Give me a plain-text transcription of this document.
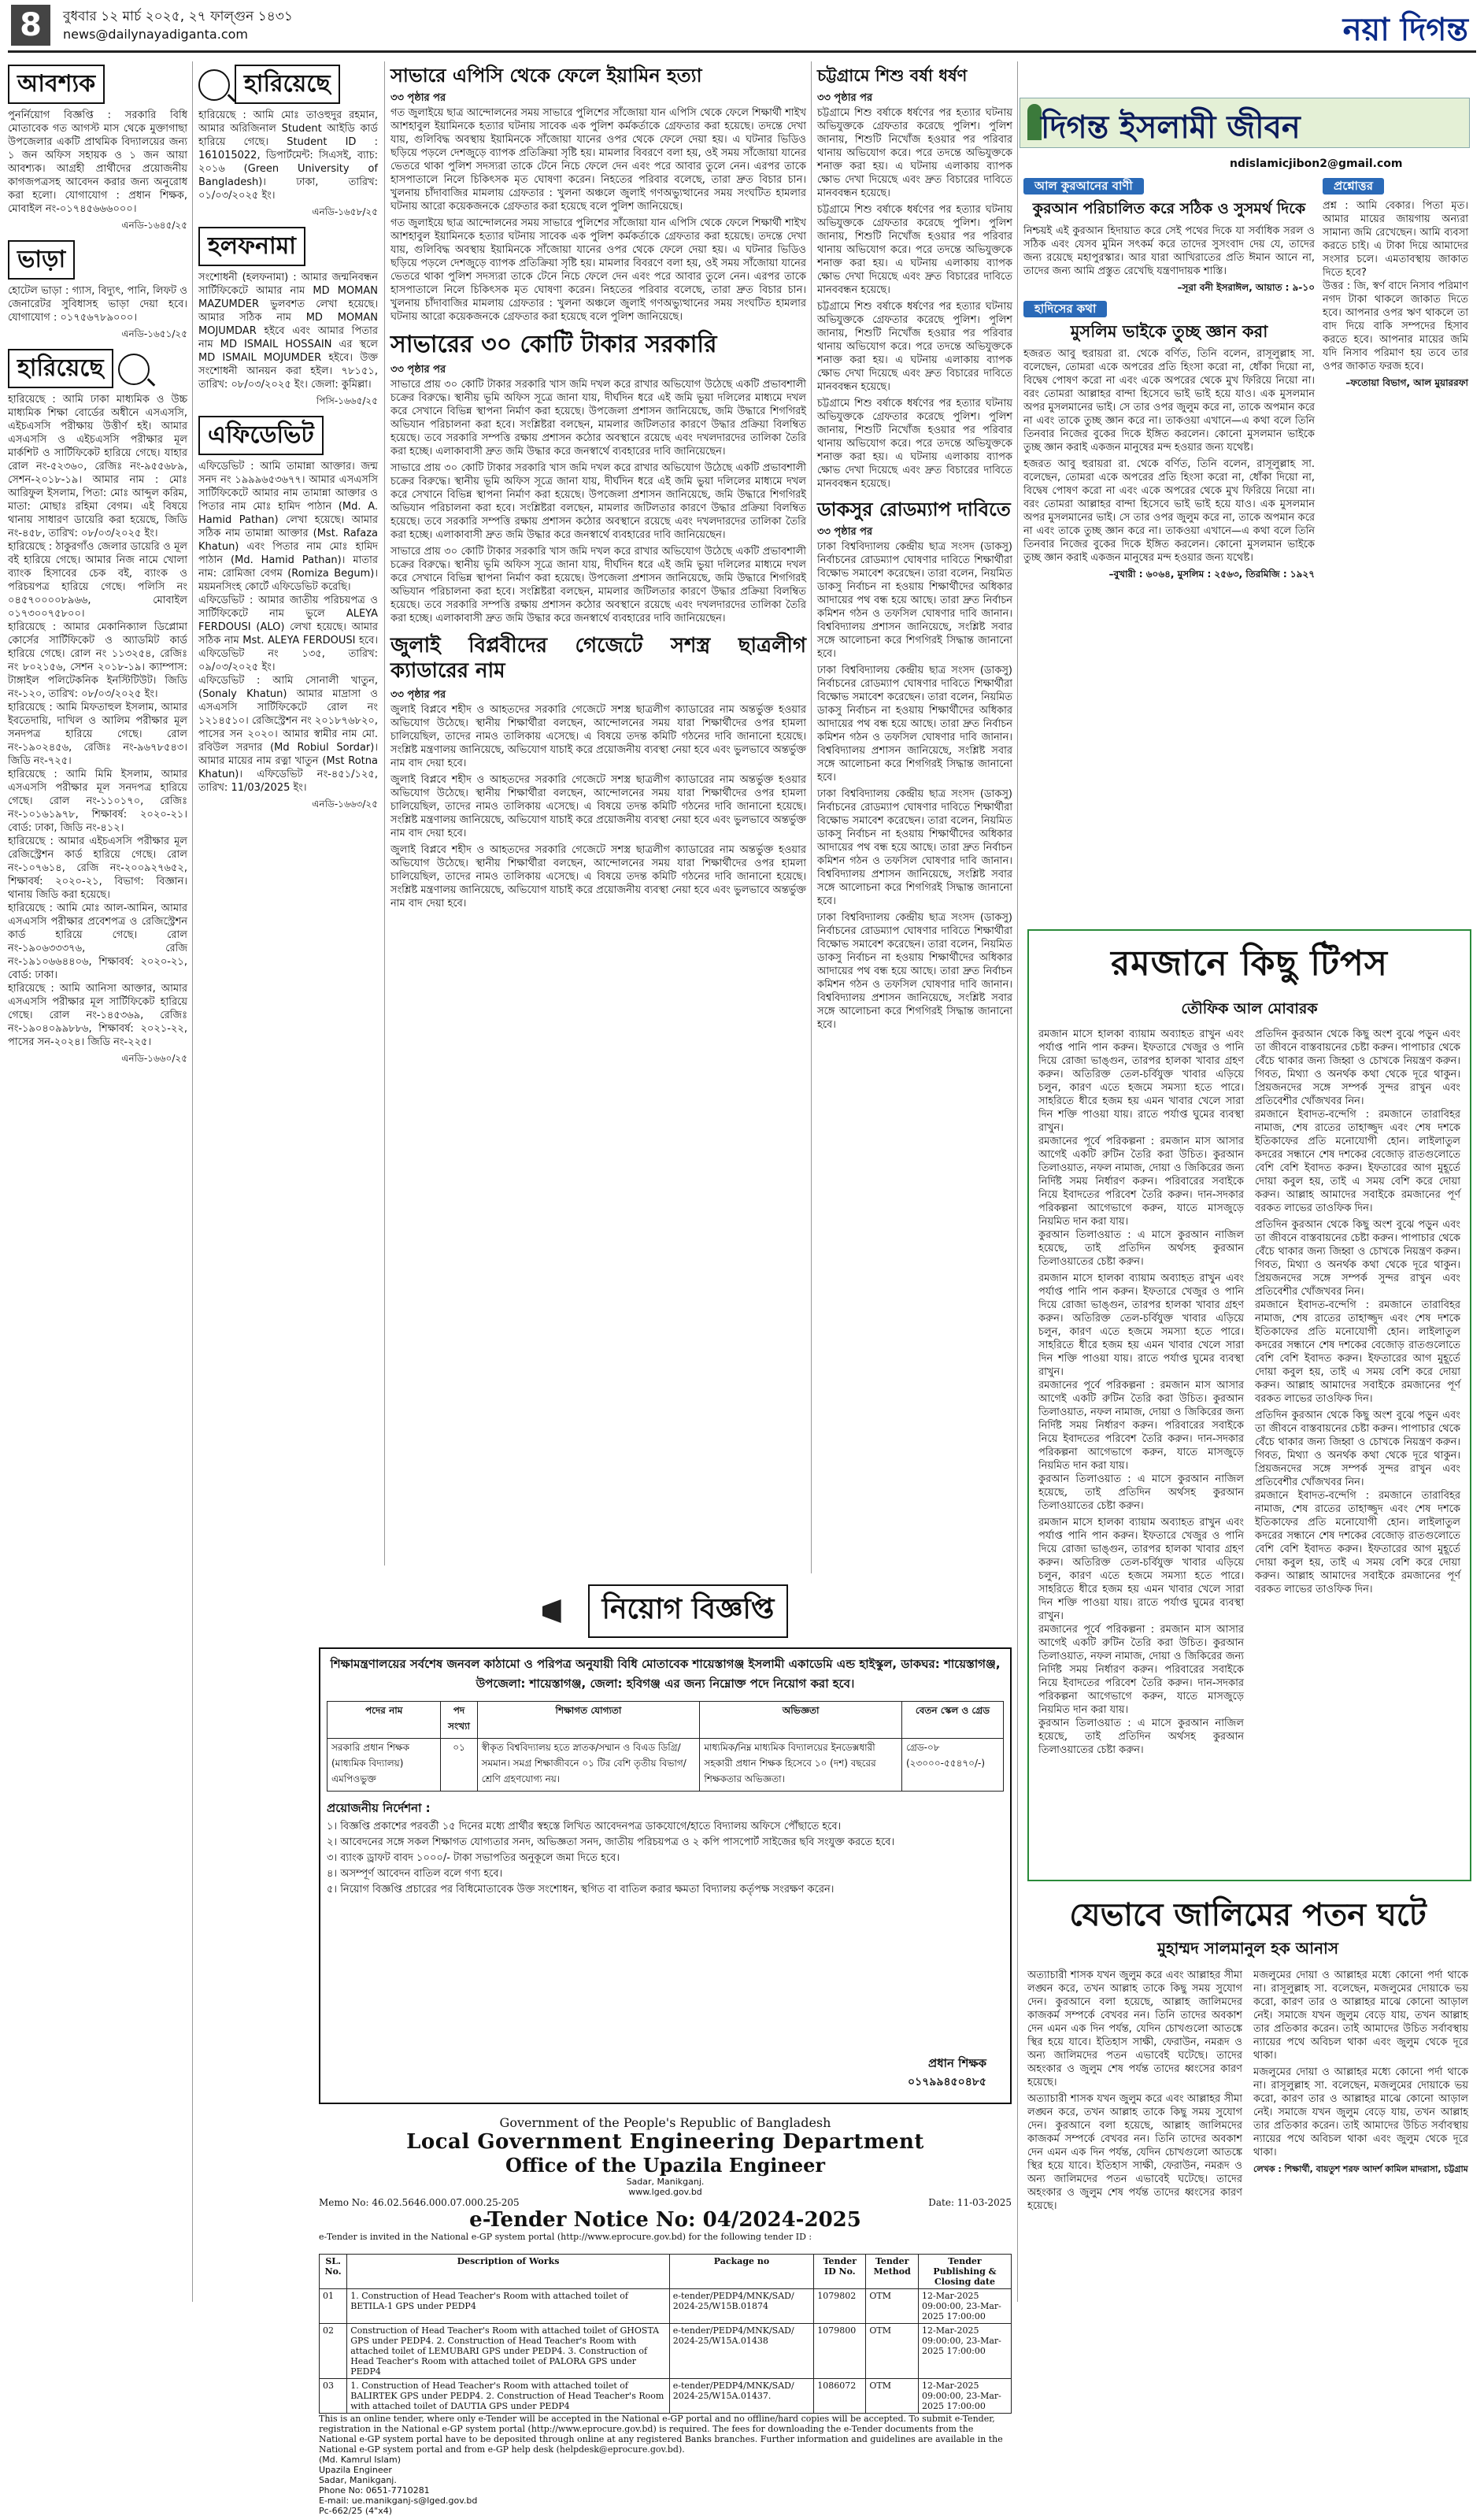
8	বুধবার ১২ মার্চ ২০২৫, ২৭ ফাল্গুন ১৪৩১
news@dailynayadiganta.com	নয়া দিগন্ত
আবশ্যক

পুনর্নিয়োগ বিজ্ঞপ্তি : সরকারি বিধি মোতাবেক গত আগস্ট মাস থেকে মুক্তাগাছা উপজেলার একটি প্রাথমিক বিদ্যালয়ের জন্য ১ জন অফিস সহায়ক ও ১ জন আয়া আবশ্যক। আগ্রহী প্রার্থীদের প্রয়োজনীয় কাগজপত্রসহ আবেদন করার জন্য অনুরোধ করা হলো। যোগাযোগ : প্রধান শিক্ষক, মোবাইল নং-০১৭৪৫৬৬৬০০০।

এনডি-১৬৪৫/২৫
ভাড়া

হোটেল ভাড়া : গ্যাস, বিদ্যুৎ, পানি, লিফট ও জেনারেটর সুবিধাসহ ভাড়া দেয়া হবে। যোগাযোগ : ০১৭৫৬৭৮৯০০০।

এনডি-১৬৫১/২৫
হারিয়েছে

হারিয়েছে : আমি ঢাকা মাধ্যমিক ও উচ্চ মাধ্যমিক শিক্ষা বোর্ডের অধীনে এসএসসি, এইচএসসি পরীক্ষায় উত্তীর্ণ হই। আমার এসএসসি ও এইচএসসি পরীক্ষার মূল মার্কশিট ও সার্টিফিকেট হারিয়ে গেছে। যাহার রোল নং-৫২৩৬০, রেজিঃ নং-৯৫৫৬৮৯, সেশন-২০১৮-১৯। আমার নাম : মোঃ আরিফুল ইসলাম, পিতা: মোঃ আব্দুল করিম, মাতা: মোছাঃ রহিমা বেগম। এই বিষয়ে থানায় সাধারণ ডায়েরি করা হয়েছে, জিডি নং-৪৫৮, তারিখ: ০৮/০৩/২০২৫ ইং।
হারিয়েছে : ঠাকুরগাঁও জেলার ডায়েরি ও মূল বই হারিয়ে গেছে। আমার নিজ নামে খোলা ব্যাংক হিসাবের চেক বই, ব্যাংক ও পরিচয়পত্র হারিয়ে গেছে। পলিসি নং ০৪৫৭০০০০৮৯৬৬, মোবাইল ০১৭৩০০৭৫৮০০।
হারিয়েছে : আমার মেকানিক্যাল ডিপ্লোমা কোর্সের সার্টিফিকেট ও অ্যাডমিট কার্ড হারিয়ে গেছে। রোল নং ১১৩২৫৪, রেজিঃ নং ৮০২১৫৬, সেশন ২০১৮-১৯। ক্যাম্পাস: টাঙ্গাইল পলিটেকনিক ইনস্টিটিউট। জিডি নং-১২০, তারিখ: ০৮/০৩/২০২৫ ইং।
হারিয়েছে : আমি মিফতাহুল ইসলাম, আমার ইবতেদায়ি, দাখিল ও আলিম পরীক্ষার মূল সনদপত্র হারিয়ে গেছে। রোল নং-১৯০২৪৫৬, রেজিঃ নং-৯৬৭৮৫৪৩। জিডি নং-৭২৫।
হারিয়েছে : আমি মিমি ইসলাম, আমার এসএসসি পরীক্ষার মূল সনদপত্র হারিয়ে গেছে। রোল নং-১১০১৭০, রেজিঃ নং-১০১৬১৯৭৮, শিক্ষাবর্ষ: ২০২০-২১। বোর্ড: ঢাকা, জিডি নং-৪১২।
হারিয়েছে : আমার এইচএসসি পরীক্ষার মূল রেজিস্ট্রেশন কার্ড হারিয়ে গেছে। রোল নং-১০৭৬১৪, রেজি নং-২০০৯২৭৬৫২, শিক্ষাবর্ষ: ২০২০-২১, বিভাগ: বিজ্ঞান। থানায় জিডি করা হয়েছে।
হারিয়েছে : আমি মোঃ আল-আমিন, আমার এসএসসি পরীক্ষার প্রবেশপত্র ও রেজিস্ট্রেশন কার্ড হারিয়ে গেছে। রোল নং-১৯০৬৩৩৩৭৬, রেজি নং-১৯১০৬৬৪৪০৬, শিক্ষাবর্ষ: ২০২০-২১, বোর্ড: ঢাকা।
হারিয়েছে : আমি আনিসা আক্তার, আমার এসএসসি পরীক্ষার মূল সার্টিফিকেট হারিয়ে গেছে। রোল নং-১৪৫৩৬৯, রেজিঃ নং-১৯০৪০৯৯৮৮৬, শিক্ষাবর্ষ: ২০২১-২২, পাসের সন-২০২৪। জিডি নং-২২৫।

এনডি-১৬৬০/২৫
হারিয়েছে

হারিয়েছে : আমি মোঃ তাওহুদুর রহমান, আমার অরিজিনাল Student আইডি কার্ড হারিয়ে গেছে। Student ID : 161015022, ডিপার্টমেন্ট: সিএসই, ব্যাচ: ২০১৬ (Green University of Bangladesh)। ঢাকা, তারিখ: ০১/০৩/২০২৫ ইং।

এনডি-১৬৫৮/২৫
হলফনামা

সংশোধনী (হলফনামা) : আমার জন্মনিবন্ধন সার্টিফিকেটে আমার নাম MD MOMAN MAZUMDER ভুলবশত লেখা হয়েছে। আমার সঠিক নাম MD MOMAN MOJUMDAR হইবে এবং আমার পিতার নাম MD ISMAIL HOSSAIN এর স্থলে MD ISMAIL MOJUMDER হইবে। উক্ত সংশোধনী আনয়ন করা হইল। ৭৮১৫১, তারিখ: ০৮/০৩/২০২৫ ইং। জেলা: কুমিল্লা।

পিসি-১৬৬৫/২৫
এফিডেভিট

এফিডেভিট : আমি তামান্না আক্তার। জন্ম সনদ নং ১৯৯৯৬৫৩৬৭৭। আমার এসএসসি সার্টিফিকেটে আমার নাম তামান্না আক্তার ও পিতার নাম মোঃ হামিদ পাঠান (Md. A. Hamid Pathan) লেখা হয়েছে। আমার সঠিক নাম তামান্না আক্তার (Mst. Rafaza Khatun) এবং পিতার নাম মোঃ হামিদ পাঠান (Md. Hamid Pathan)। মাতার নাম: রোমিজা বেগম (Romiza Begum)। ময়মনসিংহ কোর্টে এফিডেভিট করেছি।
এফিডেভিট : আমার জাতীয় পরিচয়পত্র ও সার্টিফিকেটে নাম ভুলে ALEYA FERDOUSI (ALO) লেখা হয়েছে। আমার সঠিক নাম Mst. ALEYA FERDOUSI হবে। এফিডেভিট নং ১৩৫, তারিখ: ০৯/০৩/২০২৫ ইং।
এফিডেভিট : আমি সোনালী খাতুন, (Sonaly Khatun) আমার মাদ্রাসা ও এসএসসি সার্টিফিকেটে রোল নং ১২১৪৫১০। রেজিস্ট্রেশন নং ২০১৮৭৬৮২০, পাসের সন ২০২০। আমার স্বামীর নাম মো. রবিউল সরদার (Md Robiul Sordar)। আমার মায়ের নাম রত্না খাতুন (Mst Rotna Khatun)। এফিডেভিট নং-৪৫১/১২৫, তারিখ: 11/03/2025 ইং।

এনডি-১৬৬৩/২৫
সাভারে এপিসি থেকে ফেলে ইয়ামিন হত্যা
৩৩ পৃষ্ঠার পর

গত জুলাইয়ে ছাত্র আন্দোলনের সময় সাভারে পুলিশের সাঁজোয়া যান এপিসি থেকে ফেলে শিক্ষার্থী শাইখ আশহাবুল ইয়ামিনকে হত্যার ঘটনায় সাবেক এক পুলিশ কর্মকর্তাকে গ্রেফতার করা হয়েছে। তদন্তে দেখা যায়, গুলিবিদ্ধ অবস্থায় ইয়ামিনকে সাঁজোয়া যানের ওপর থেকে ফেলে দেয়া হয়। এ ঘটনার ভিডিও ছড়িয়ে পড়লে দেশজুড়ে ব্যাপক প্রতিক্রিয়া সৃষ্টি হয়। মামলার বিবরণে বলা হয়, ওই সময় সাঁজোয়া যানের ভেতরে থাকা পুলিশ সদস্যরা তাকে টেনে নিচে ফেলে দেন এবং পরে আবার তুলে নেন। এরপর তাকে হাসপাতালে নিলে চিকিৎসক মৃত ঘোষণা করেন। নিহতের পরিবার বলেছে, তারা দ্রুত বিচার চান। খুলনায় চাঁদাবাজির মামলায় গ্রেফতার : খুলনা অঞ্চলে জুলাই গণঅভ্যুত্থানের সময় সংঘটিত হামলার ঘটনায় আরো কয়েকজনকে গ্রেফতার করা হয়েছে বলে পুলিশ জানিয়েছে।

গত জুলাইয়ে ছাত্র আন্দোলনের সময় সাভারে পুলিশের সাঁজোয়া যান এপিসি থেকে ফেলে শিক্ষার্থী শাইখ আশহাবুল ইয়ামিনকে হত্যার ঘটনায় সাবেক এক পুলিশ কর্মকর্তাকে গ্রেফতার করা হয়েছে। তদন্তে দেখা যায়, গুলিবিদ্ধ অবস্থায় ইয়ামিনকে সাঁজোয়া যানের ওপর থেকে ফেলে দেয়া হয়। এ ঘটনার ভিডিও ছড়িয়ে পড়লে দেশজুড়ে ব্যাপক প্রতিক্রিয়া সৃষ্টি হয়। মামলার বিবরণে বলা হয়, ওই সময় সাঁজোয়া যানের ভেতরে থাকা পুলিশ সদস্যরা তাকে টেনে নিচে ফেলে দেন এবং পরে আবার তুলে নেন। এরপর তাকে হাসপাতালে নিলে চিকিৎসক মৃত ঘোষণা করেন। নিহতের পরিবার বলেছে, তারা দ্রুত বিচার চান। খুলনায় চাঁদাবাজির মামলায় গ্রেফতার : খুলনা অঞ্চলে জুলাই গণঅভ্যুত্থানের সময় সংঘটিত হামলার ঘটনায় আরো কয়েকজনকে গ্রেফতার করা হয়েছে বলে পুলিশ জানিয়েছে।

সাভারের ৩০ কোটি টাকার সরকারি
৩৩ পৃষ্ঠার পর

সাভারে প্রায় ৩০ কোটি টাকার সরকারি খাস জমি দখল করে রাখার অভিযোগ উঠেছে একটি প্রভাবশালী চক্রের বিরুদ্ধে। স্থানীয় ভূমি অফিস সূত্রে জানা যায়, দীর্ঘদিন ধরে এই জমি ভুয়া দলিলের মাধ্যমে দখল করে সেখানে বিভিন্ন স্থাপনা নির্মাণ করা হয়েছে। উপজেলা প্রশাসন জানিয়েছে, জমি উদ্ধারে শিগগিরই অভিযান পরিচালনা করা হবে। সংশ্লিষ্টরা বলছেন, মামলার জটিলতার কারণে উদ্ধার প্রক্রিয়া বিলম্বিত হয়েছে। তবে সরকারি সম্পত্তি রক্ষায় প্রশাসন কঠোর অবস্থানে রয়েছে এবং দখলদারদের তালিকা তৈরি করা হচ্ছে। এলাকাবাসী দ্রুত জমি উদ্ধার করে জনস্বার্থে ব্যবহারের দাবি জানিয়েছেন।

সাভারে প্রায় ৩০ কোটি টাকার সরকারি খাস জমি দখল করে রাখার অভিযোগ উঠেছে একটি প্রভাবশালী চক্রের বিরুদ্ধে। স্থানীয় ভূমি অফিস সূত্রে জানা যায়, দীর্ঘদিন ধরে এই জমি ভুয়া দলিলের মাধ্যমে দখল করে সেখানে বিভিন্ন স্থাপনা নির্মাণ করা হয়েছে। উপজেলা প্রশাসন জানিয়েছে, জমি উদ্ধারে শিগগিরই অভিযান পরিচালনা করা হবে। সংশ্লিষ্টরা বলছেন, মামলার জটিলতার কারণে উদ্ধার প্রক্রিয়া বিলম্বিত হয়েছে। তবে সরকারি সম্পত্তি রক্ষায় প্রশাসন কঠোর অবস্থানে রয়েছে এবং দখলদারদের তালিকা তৈরি করা হচ্ছে। এলাকাবাসী দ্রুত জমি উদ্ধার করে জনস্বার্থে ব্যবহারের দাবি জানিয়েছেন।

সাভারে প্রায় ৩০ কোটি টাকার সরকারি খাস জমি দখল করে রাখার অভিযোগ উঠেছে একটি প্রভাবশালী চক্রের বিরুদ্ধে। স্থানীয় ভূমি অফিস সূত্রে জানা যায়, দীর্ঘদিন ধরে এই জমি ভুয়া দলিলের মাধ্যমে দখল করে সেখানে বিভিন্ন স্থাপনা নির্মাণ করা হয়েছে। উপজেলা প্রশাসন জানিয়েছে, জমি উদ্ধারে শিগগিরই অভিযান পরিচালনা করা হবে। সংশ্লিষ্টরা বলছেন, মামলার জটিলতার কারণে উদ্ধার প্রক্রিয়া বিলম্বিত হয়েছে। তবে সরকারি সম্পত্তি রক্ষায় প্রশাসন কঠোর অবস্থানে রয়েছে এবং দখলদারদের তালিকা তৈরি করা হচ্ছে। এলাকাবাসী দ্রুত জমি উদ্ধার করে জনস্বার্থে ব্যবহারের দাবি জানিয়েছেন।

জুলাই বিপ্লবীদের গেজেটে সশস্ত্র ছাত্রলীগ ক্যাডারের নাম
৩৩ পৃষ্ঠার পর

জুলাই বিপ্লবে শহীদ ও আহতদের সরকারি গেজেটে সশস্ত্র ছাত্রলীগ ক্যাডারের নাম অন্তর্ভুক্ত হওয়ার অভিযোগ উঠেছে। স্থানীয় শিক্ষার্থীরা বলছেন, আন্দোলনের সময় যারা শিক্ষার্থীদের ওপর হামলা চালিয়েছিল, তাদের নামও তালিকায় এসেছে। এ বিষয়ে তদন্ত কমিটি গঠনের দাবি জানানো হয়েছে। সংশ্লিষ্ট মন্ত্রণালয় জানিয়েছে, অভিযোগ যাচাই করে প্রয়োজনীয় ব্যবস্থা নেয়া হবে এবং ভুলভাবে অন্তর্ভুক্ত নাম বাদ দেয়া হবে।

জুলাই বিপ্লবে শহীদ ও আহতদের সরকারি গেজেটে সশস্ত্র ছাত্রলীগ ক্যাডারের নাম অন্তর্ভুক্ত হওয়ার অভিযোগ উঠেছে। স্থানীয় শিক্ষার্থীরা বলছেন, আন্দোলনের সময় যারা শিক্ষার্থীদের ওপর হামলা চালিয়েছিল, তাদের নামও তালিকায় এসেছে। এ বিষয়ে তদন্ত কমিটি গঠনের দাবি জানানো হয়েছে। সংশ্লিষ্ট মন্ত্রণালয় জানিয়েছে, অভিযোগ যাচাই করে প্রয়োজনীয় ব্যবস্থা নেয়া হবে এবং ভুলভাবে অন্তর্ভুক্ত নাম বাদ দেয়া হবে।

জুলাই বিপ্লবে শহীদ ও আহতদের সরকারি গেজেটে সশস্ত্র ছাত্রলীগ ক্যাডারের নাম অন্তর্ভুক্ত হওয়ার অভিযোগ উঠেছে। স্থানীয় শিক্ষার্থীরা বলছেন, আন্দোলনের সময় যারা শিক্ষার্থীদের ওপর হামলা চালিয়েছিল, তাদের নামও তালিকায় এসেছে। এ বিষয়ে তদন্ত কমিটি গঠনের দাবি জানানো হয়েছে। সংশ্লিষ্ট মন্ত্রণালয় জানিয়েছে, অভিযোগ যাচাই করে প্রয়োজনীয় ব্যবস্থা নেয়া হবে এবং ভুলভাবে অন্তর্ভুক্ত নাম বাদ দেয়া হবে।

চট্টগ্রামে শিশু বর্ষা ধর্ষণ
৩৩ পৃষ্ঠার পর

চট্টগ্রামে শিশু বর্ষাকে ধর্ষণের পর হত্যার ঘটনায় অভিযুক্তকে গ্রেফতার করেছে পুলিশ। পুলিশ জানায়, শিশুটি নিখোঁজ হওয়ার পর পরিবার থানায় অভিযোগ করে। পরে তদন্তে অভিযুক্তকে শনাক্ত করা হয়। এ ঘটনায় এলাকায় ব্যাপক ক্ষোভ দেখা দিয়েছে এবং দ্রুত বিচারের দাবিতে মানববন্ধন হয়েছে।

চট্টগ্রামে শিশু বর্ষাকে ধর্ষণের পর হত্যার ঘটনায় অভিযুক্তকে গ্রেফতার করেছে পুলিশ। পুলিশ জানায়, শিশুটি নিখোঁজ হওয়ার পর পরিবার থানায় অভিযোগ করে। পরে তদন্তে অভিযুক্তকে শনাক্ত করা হয়। এ ঘটনায় এলাকায় ব্যাপক ক্ষোভ দেখা দিয়েছে এবং দ্রুত বিচারের দাবিতে মানববন্ধন হয়েছে।

চট্টগ্রামে শিশু বর্ষাকে ধর্ষণের পর হত্যার ঘটনায় অভিযুক্তকে গ্রেফতার করেছে পুলিশ। পুলিশ জানায়, শিশুটি নিখোঁজ হওয়ার পর পরিবার থানায় অভিযোগ করে। পরে তদন্তে অভিযুক্তকে শনাক্ত করা হয়। এ ঘটনায় এলাকায় ব্যাপক ক্ষোভ দেখা দিয়েছে এবং দ্রুত বিচারের দাবিতে মানববন্ধন হয়েছে।

চট্টগ্রামে শিশু বর্ষাকে ধর্ষণের পর হত্যার ঘটনায় অভিযুক্তকে গ্রেফতার করেছে পুলিশ। পুলিশ জানায়, শিশুটি নিখোঁজ হওয়ার পর পরিবার থানায় অভিযোগ করে। পরে তদন্তে অভিযুক্তকে শনাক্ত করা হয়। এ ঘটনায় এলাকায় ব্যাপক ক্ষোভ দেখা দিয়েছে এবং দ্রুত বিচারের দাবিতে মানববন্ধন হয়েছে।

ডাকসুর রোডম্যাপ দাবিতে
৩৩ পৃষ্ঠার পর

ঢাকা বিশ্ববিদ্যালয় কেন্দ্রীয় ছাত্র সংসদ (ডাকসু) নির্বাচনের রোডম্যাপ ঘোষণার দাবিতে শিক্ষার্থীরা বিক্ষোভ সমাবেশ করেছেন। তারা বলেন, নিয়মিত ডাকসু নির্বাচন না হওয়ায় শিক্ষার্থীদের অধিকার আদায়ের পথ বন্ধ হয়ে আছে। তারা দ্রুত নির্বাচন কমিশন গঠন ও তফসিল ঘোষণার দাবি জানান। বিশ্ববিদ্যালয় প্রশাসন জানিয়েছে, সংশ্লিষ্ট সবার সঙ্গে আলোচনা করে শিগগিরই সিদ্ধান্ত জানানো হবে।

ঢাকা বিশ্ববিদ্যালয় কেন্দ্রীয় ছাত্র সংসদ (ডাকসু) নির্বাচনের রোডম্যাপ ঘোষণার দাবিতে শিক্ষার্থীরা বিক্ষোভ সমাবেশ করেছেন। তারা বলেন, নিয়মিত ডাকসু নির্বাচন না হওয়ায় শিক্ষার্থীদের অধিকার আদায়ের পথ বন্ধ হয়ে আছে। তারা দ্রুত নির্বাচন কমিশন গঠন ও তফসিল ঘোষণার দাবি জানান। বিশ্ববিদ্যালয় প্রশাসন জানিয়েছে, সংশ্লিষ্ট সবার সঙ্গে আলোচনা করে শিগগিরই সিদ্ধান্ত জানানো হবে।

ঢাকা বিশ্ববিদ্যালয় কেন্দ্রীয় ছাত্র সংসদ (ডাকসু) নির্বাচনের রোডম্যাপ ঘোষণার দাবিতে শিক্ষার্থীরা বিক্ষোভ সমাবেশ করেছেন। তারা বলেন, নিয়মিত ডাকসু নির্বাচন না হওয়ায় শিক্ষার্থীদের অধিকার আদায়ের পথ বন্ধ হয়ে আছে। তারা দ্রুত নির্বাচন কমিশন গঠন ও তফসিল ঘোষণার দাবি জানান। বিশ্ববিদ্যালয় প্রশাসন জানিয়েছে, সংশ্লিষ্ট সবার সঙ্গে আলোচনা করে শিগগিরই সিদ্ধান্ত জানানো হবে।

ঢাকা বিশ্ববিদ্যালয় কেন্দ্রীয় ছাত্র সংসদ (ডাকসু) নির্বাচনের রোডম্যাপ ঘোষণার দাবিতে শিক্ষার্থীরা বিক্ষোভ সমাবেশ করেছেন। তারা বলেন, নিয়মিত ডাকসু নির্বাচন না হওয়ায় শিক্ষার্থীদের অধিকার আদায়ের পথ বন্ধ হয়ে আছে। তারা দ্রুত নির্বাচন কমিশন গঠন ও তফসিল ঘোষণার দাবি জানান। বিশ্ববিদ্যালয় প্রশাসন জানিয়েছে, সংশ্লিষ্ট সবার সঙ্গে আলোচনা করে শিগগিরই সিদ্ধান্ত জানানো হবে।

দিগন্ত ইসলামী জীবন
ndislamicjibon2@gmail.com
আল কুরআনের বাণী
কুরআন পরিচালিত করে সঠিক ও সুসমর্থ দিকে

নিশ্চয়ই এই কুরআন হিদায়াত করে সেই পথের দিকে যা সর্বাধিক সরল ও সঠিক এবং যেসব মুমিন সৎকর্ম করে তাদের সুসংবাদ দেয় যে, তাদের জন্য রয়েছে মহাপুরস্কার। আর যারা আখিরাতের প্রতি ঈমান আনে না, তাদের জন্য আমি প্রস্তুত রেখেছি যন্ত্রণাদায়ক শাস্তি।

–সূরা বনী ইসরাঈল, আয়াত : ৯-১০
হাদিসের কথা
মুসলিম ভাইকে তুচ্ছ জ্ঞান করা

হজরত আবু হুরায়রা রা. থেকে বর্ণিত, তিনি বলেন, রাসূলুল্লাহ সা. বলেছেন, তোমরা একে অপরের প্রতি হিংসা করো না, ধোঁকা দিয়ো না, বিদ্বেষ পোষণ করো না এবং একে অপরের থেকে মুখ ফিরিয়ে নিয়ো না। বরং তোমরা আল্লাহর বান্দা হিসেবে ভাই ভাই হয়ে যাও। এক মুসলমান অপর মুসলমানের ভাই। সে তার ওপর জুলুম করে না, তাকে অপমান করে না এবং তাকে তুচ্ছ জ্ঞান করে না। তাকওয়া এখানে—এ কথা বলে তিনি তিনবার নিজের বুকের দিকে ইঙ্গিত করলেন। কোনো মুসলমান ভাইকে তুচ্ছ জ্ঞান করাই একজন মানুষের মন্দ হওয়ার জন্য যথেষ্ট।

হজরত আবু হুরায়রা রা. থেকে বর্ণিত, তিনি বলেন, রাসূলুল্লাহ সা. বলেছেন, তোমরা একে অপরের প্রতি হিংসা করো না, ধোঁকা দিয়ো না, বিদ্বেষ পোষণ করো না এবং একে অপরের থেকে মুখ ফিরিয়ে নিয়ো না। বরং তোমরা আল্লাহর বান্দা হিসেবে ভাই ভাই হয়ে যাও। এক মুসলমান অপর মুসলমানের ভাই। সে তার ওপর জুলুম করে না, তাকে অপমান করে না এবং তাকে তুচ্ছ জ্ঞান করে না। তাকওয়া এখানে—এ কথা বলে তিনি তিনবার নিজের বুকের দিকে ইঙ্গিত করলেন। কোনো মুসলমান ভাইকে তুচ্ছ জ্ঞান করাই একজন মানুষের মন্দ হওয়ার জন্য যথেষ্ট।

–বুখারী : ৬০৬৪, মুসলিম : ২৫৬৩, তিরমিজি : ১৯২৭
প্রশ্নোত্তর

প্রশ্ন : আমি বেকার। পিতা মৃত। আমার মায়ের জায়গায় অন্যরা সামান্য জমি রেখেছেন। আমি ব্যবসা করতে চাই। এ টাকা দিয়ে আমাদের সংসার চলে। এমতাবস্থায় জাকাত দিতে হবে?
উত্তর : জি, স্বর্ণ বাদে নিসাব পরিমাণ নগদ টাকা থাকলে জাকাত দিতে হবে। আপনার ওপর ঋণ থাকলে তা বাদ দিয়ে বাকি সম্পদের হিসাব করতে হবে। আপনার মায়ের জমি যদি নিসাব পরিমাণ হয় তবে তার ওপর জাকাত ফরজ হবে।

–ফতোয়া বিভাগ, আল মুয়াররফা
রমজানে কিছু টিপস
তৌফিক আল মোবারক

রমজান মাসে হালকা ব্যায়াম অব্যাহত রাখুন এবং পর্যাপ্ত পানি পান করুন। ইফতারে খেজুর ও পানি দিয়ে রোজা ভাঙ্গুন, তারপর হালকা খাবার গ্রহণ করুন। অতিরিক্ত তেল-চর্বিযুক্ত খাবার এড়িয়ে চলুন, কারণ এতে হজমে সমস্যা হতে পারে। সাহরিতে ধীরে হজম হয় এমন খাবার খেলে সারা দিন শক্তি পাওয়া যায়। রাতে পর্যাপ্ত ঘুমের ব্যবস্থা রাখুন।
রমজানের পূর্বে পরিকল্পনা : রমজান মাস আসার আগেই একটি রুটিন তৈরি করা উচিত। কুরআন তিলাওয়াত, নফল নামাজ, দোয়া ও জিকিরের জন্য নির্দিষ্ট সময় নির্ধারণ করুন। পরিবারের সবাইকে নিয়ে ইবাদতের পরিবেশ তৈরি করুন। দান-সদকার পরিকল্পনা আগেভাগে করুন, যাতে মাসজুড়ে নিয়মিত দান করা যায়।
কুরআন তিলাওয়াত : এ মাসে কুরআন নাজিল হয়েছে, তাই প্রতিদিন অর্থসহ কুরআন তিলাওয়াতের চেষ্টা করুন।

রমজান মাসে হালকা ব্যায়াম অব্যাহত রাখুন এবং পর্যাপ্ত পানি পান করুন। ইফতারে খেজুর ও পানি দিয়ে রোজা ভাঙ্গুন, তারপর হালকা খাবার গ্রহণ করুন। অতিরিক্ত তেল-চর্বিযুক্ত খাবার এড়িয়ে চলুন, কারণ এতে হজমে সমস্যা হতে পারে। সাহরিতে ধীরে হজম হয় এমন খাবার খেলে সারা দিন শক্তি পাওয়া যায়। রাতে পর্যাপ্ত ঘুমের ব্যবস্থা রাখুন।
রমজানের পূর্বে পরিকল্পনা : রমজান মাস আসার আগেই একটি রুটিন তৈরি করা উচিত। কুরআন তিলাওয়াত, নফল নামাজ, দোয়া ও জিকিরের জন্য নির্দিষ্ট সময় নির্ধারণ করুন। পরিবারের সবাইকে নিয়ে ইবাদতের পরিবেশ তৈরি করুন। দান-সদকার পরিকল্পনা আগেভাগে করুন, যাতে মাসজুড়ে নিয়মিত দান করা যায়।
কুরআন তিলাওয়াত : এ মাসে কুরআন নাজিল হয়েছে, তাই প্রতিদিন অর্থসহ কুরআন তিলাওয়াতের চেষ্টা করুন।

রমজান মাসে হালকা ব্যায়াম অব্যাহত রাখুন এবং পর্যাপ্ত পানি পান করুন। ইফতারে খেজুর ও পানি দিয়ে রোজা ভাঙ্গুন, তারপর হালকা খাবার গ্রহণ করুন। অতিরিক্ত তেল-চর্বিযুক্ত খাবার এড়িয়ে চলুন, কারণ এতে হজমে সমস্যা হতে পারে। সাহরিতে ধীরে হজম হয় এমন খাবার খেলে সারা দিন শক্তি পাওয়া যায়। রাতে পর্যাপ্ত ঘুমের ব্যবস্থা রাখুন।
রমজানের পূর্বে পরিকল্পনা : রমজান মাস আসার আগেই একটি রুটিন তৈরি করা উচিত। কুরআন তিলাওয়াত, নফল নামাজ, দোয়া ও জিকিরের জন্য নির্দিষ্ট সময় নির্ধারণ করুন। পরিবারের সবাইকে নিয়ে ইবাদতের পরিবেশ তৈরি করুন। দান-সদকার পরিকল্পনা আগেভাগে করুন, যাতে মাসজুড়ে নিয়মিত দান করা যায়।
কুরআন তিলাওয়াত : এ মাসে কুরআন নাজিল হয়েছে, তাই প্রতিদিন অর্থসহ কুরআন তিলাওয়াতের চেষ্টা করুন।

প্রতিদিন কুরআন থেকে কিছু অংশ বুঝে পড়ুন এবং তা জীবনে বাস্তবায়নের চেষ্টা করুন। পাপাচার থেকে বেঁচে থাকার জন্য জিহ্বা ও চোখকে নিয়ন্ত্রণ করুন। গিবত, মিথ্যা ও অনর্থক কথা থেকে দূরে থাকুন। প্রিয়জনদের সঙ্গে সম্পর্ক সুন্দর রাখুন এবং প্রতিবেশীর খোঁজখবর নিন।
রমজানে ইবাদত-বন্দেগি : রমজানে তারাবিহর নামাজ, শেষ রাতের তাহাজ্জুদ এবং শেষ দশকে ইতিকাফের প্রতি মনোযোগী হোন। লাইলাতুল কদরের সন্ধানে শেষ দশকের বেজোড় রাতগুলোতে বেশি বেশি ইবাদত করুন। ইফতারের আগ মুহূর্তে দোয়া কবুল হয়, তাই এ সময় বেশি করে দোয়া করুন। আল্লাহ আমাদের সবাইকে রমজানের পূর্ণ বরকত লাভের তাওফিক দিন।

প্রতিদিন কুরআন থেকে কিছু অংশ বুঝে পড়ুন এবং তা জীবনে বাস্তবায়নের চেষ্টা করুন। পাপাচার থেকে বেঁচে থাকার জন্য জিহ্বা ও চোখকে নিয়ন্ত্রণ করুন। গিবত, মিথ্যা ও অনর্থক কথা থেকে দূরে থাকুন। প্রিয়জনদের সঙ্গে সম্পর্ক সুন্দর রাখুন এবং প্রতিবেশীর খোঁজখবর নিন।
রমজানে ইবাদত-বন্দেগি : রমজানে তারাবিহর নামাজ, শেষ রাতের তাহাজ্জুদ এবং শেষ দশকে ইতিকাফের প্রতি মনোযোগী হোন। লাইলাতুল কদরের সন্ধানে শেষ দশকের বেজোড় রাতগুলোতে বেশি বেশি ইবাদত করুন। ইফতারের আগ মুহূর্তে দোয়া কবুল হয়, তাই এ সময় বেশি করে দোয়া করুন। আল্লাহ আমাদের সবাইকে রমজানের পূর্ণ বরকত লাভের তাওফিক দিন।

প্রতিদিন কুরআন থেকে কিছু অংশ বুঝে পড়ুন এবং তা জীবনে বাস্তবায়নের চেষ্টা করুন। পাপাচার থেকে বেঁচে থাকার জন্য জিহ্বা ও চোখকে নিয়ন্ত্রণ করুন। গিবত, মিথ্যা ও অনর্থক কথা থেকে দূরে থাকুন। প্রিয়জনদের সঙ্গে সম্পর্ক সুন্দর রাখুন এবং প্রতিবেশীর খোঁজখবর নিন।
রমজানে ইবাদত-বন্দেগি : রমজানে তারাবিহর নামাজ, শেষ রাতের তাহাজ্জুদ এবং শেষ দশকে ইতিকাফের প্রতি মনোযোগী হোন। লাইলাতুল কদরের সন্ধানে শেষ দশকের বেজোড় রাতগুলোতে বেশি বেশি ইবাদত করুন। ইফতারের আগ মুহূর্তে দোয়া কবুল হয়, তাই এ সময় বেশি করে দোয়া করুন। আল্লাহ আমাদের সবাইকে রমজানের পূর্ণ বরকত লাভের তাওফিক দিন।

যেভাবে জালিমের পতন ঘটে
মুহাম্মদ সালমানুল হক আনাস

অত্যাচারী শাসক যখন জুলুম করে এবং আল্লাহর সীমা লঙ্ঘন করে, তখন আল্লাহ তাকে কিছু সময় সুযোগ দেন। কুরআনে বলা হয়েছে, আল্লাহ জালিমদের কাজকর্ম সম্পর্কে বেখবর নন। তিনি তাদের অবকাশ দেন এমন এক দিন পর্যন্ত, যেদিন চোখগুলো আতঙ্কে স্থির হয়ে যাবে। ইতিহাস সাক্ষী, ফেরাউন, নমরূদ ও অন্য জালিমদের পতন এভাবেই ঘটেছে। তাদের অহংকার ও জুলুম শেষ পর্যন্ত তাদের ধ্বংসের কারণ হয়েছে।

অত্যাচারী শাসক যখন জুলুম করে এবং আল্লাহর সীমা লঙ্ঘন করে, তখন আল্লাহ তাকে কিছু সময় সুযোগ দেন। কুরআনে বলা হয়েছে, আল্লাহ জালিমদের কাজকর্ম সম্পর্কে বেখবর নন। তিনি তাদের অবকাশ দেন এমন এক দিন পর্যন্ত, যেদিন চোখগুলো আতঙ্কে স্থির হয়ে যাবে। ইতিহাস সাক্ষী, ফেরাউন, নমরূদ ও অন্য জালিমদের পতন এভাবেই ঘটেছে। তাদের অহংকার ও জুলুম শেষ পর্যন্ত তাদের ধ্বংসের কারণ হয়েছে।

মজলুমের দোয়া ও আল্লাহর মধ্যে কোনো পর্দা থাকে না। রাসূলুল্লাহ সা. বলেছেন, মজলুমের দোয়াকে ভয় করো, কারণ তার ও আল্লাহর মাঝে কোনো আড়াল নেই। সমাজে যখন জুলুম বেড়ে যায়, তখন আল্লাহ তার প্রতিকার করেন। তাই আমাদের উচিত সর্বাবস্থায় ন্যায়ের পথে অবিচল থাকা এবং জুলুম থেকে দূরে থাকা।

মজলুমের দোয়া ও আল্লাহর মধ্যে কোনো পর্দা থাকে না। রাসূলুল্লাহ সা. বলেছেন, মজলুমের দোয়াকে ভয় করো, কারণ তার ও আল্লাহর মাঝে কোনো আড়াল নেই। সমাজে যখন জুলুম বেড়ে যায়, তখন আল্লাহ তার প্রতিকার করেন। তাই আমাদের উচিত সর্বাবস্থায় ন্যায়ের পথে অবিচল থাকা এবং জুলুম থেকে দূরে থাকা।

লেখক : শিক্ষার্থী, বায়তুশ শরফ আদর্শ কামিল মাদরাসা, চট্টগ্রাম

নিয়োগ বিজ্ঞপ্তি
শিক্ষামন্ত্রণালয়ের সর্বশেষ জনবল কাঠামো ও পরিপত্র অনুযায়ী বিধি মোতাবেক শায়েস্তাগঞ্জ ইসলামী একাডেমি এন্ড হাইস্কুল, ডাকঘর: শায়েস্তাগঞ্জ, উপজেলা: শায়েস্তাগঞ্জ, জেলা: হবিগঞ্জ এর জন্য নিম্নোক্ত পদে নিয়োগ করা হবে।
পদের নাম	পদ সংখ্যা	শিক্ষাগত যোগ্যতা	অভিজ্ঞতা	বেতন স্কেল ও গ্রেড
সরকারি প্রধান শিক্ষক (মাধ্যমিক বিদ্যালয়) এমপিওভুক্ত	০১	স্বীকৃত বিশ্ববিদ্যালয় হতে স্নাতক/সম্মান ও বিএড ডিগ্রি/সমমান। সমগ্র শিক্ষাজীবনে ০১ টির বেশি তৃতীয় বিভাগ/শ্রেণি গ্রহণযোগ্য নয়।	মাধ্যমিক/নিম্ন মাধ্যমিক বিদ্যালয়ের ইনডেক্সধারী সহকারী প্রধান শিক্ষক হিসেবে ১০ (দশ) বছরের শিক্ষকতার অভিজ্ঞতা।	গ্রেড-০৮ (২৩০০০-৫৫৪৭০/-)
প্রয়োজনীয় নির্দেশনা :
১। বিজ্ঞপ্তি প্রকাশের পরবর্তী ১৫ দিনের মধ্যে প্রার্থীর স্বহস্তে লিখিত আবেদনপত্র ডাকযোগে/হাতে বিদ্যালয় অফিসে পৌঁছাতে হবে।
২। আবেদনের সঙ্গে সকল শিক্ষাগত যোগ্যতার সনদ, অভিজ্ঞতা সনদ, জাতীয় পরিচয়পত্র ও ২ কপি পাসপোর্ট সাইজের ছবি সংযুক্ত করতে হবে।
৩। ব্যাংক ড্রাফট বাবদ ১০০০/- টাকা সভাপতির অনুকূলে জমা দিতে হবে।
৪। অসম্পূর্ণ আবেদন বাতিল বলে গণ্য হবে।
৫। নিয়োগ বিজ্ঞপ্তি প্রচারের পর বিধিমোতাবেক উক্ত সংশোধন, স্থগিত বা বাতিল করার ক্ষমতা বিদ্যালয় কর্তৃপক্ষ সংরক্ষণ করেন।
প্রধান শিক্ষক
০১৭৯৯৪৫০৪৮৫
Government of the People's Republic of Bangladesh
Local Government Engineering Department
Office of the Upazila Engineer
Sadar, Manikganj.
www.lged.gov.bd
Memo No: 46.02.5646.000.07.000.25-205	Date: 11-03-2025
e-Tender Notice No: 04/2024-2025
e-Tender is invited in the National e-GP system portal (http://www.eprocure.gov.bd) for the following tender ID :
SL. No.	Description of Works	Package no	Tender ID No.	Tender Method	Tender Publishing & Closing date
01	1. Construction of Head Teacher's Room with attached toilet of BETILA-1 GPS under PEDP4	e-tender/PEDP4/MNK/SAD/ 2024-25/W15B.01874	1079802	OTM	12-Mar-2025 09:00:00, 23-Mar-2025 17:00:00
02	Construction of Head Teacher's Room with attached toilet of GHOSTA GPS under PEDP4. 2. Construction of Head Teacher's Room with attached toilet of LEMUBARI GPS under PEDP4. 3. Construction of Head Teacher's Room with attached toilet of PALORA GPS under PEDP4	e-tender/PEDP4/MNK/SAD/ 2024-25/W15A.01438	1079800	OTM	12-Mar-2025 09:00:00, 23-Mar-2025 17:00:00
03	1. Construction of Head Teacher's Room with attached toilet of BALIRTEK GPS under PEDP4. 2. Construction of Head Teacher's Room with attached toilet of DAUTIA GPS under PEDP4	e-tender/PEDP4/MNK/SAD/ 2024-25/W15A.01437.	1086072	OTM	12-Mar-2025 09:00:00, 23-Mar-2025 17:00:00
This is an online tender, where only e-Tender will be accepted in the National e-GP portal and no offline/hard copies will be accepted. To submit e-Tender, registration in the National e-GP system portal (http://www.eprocure.gov.bd) is required. The fees for downloading the e-Tender documents from the National e-GP system portal have to be deposited through online at any registered Banks branches. Further information and guidelines are available in the National e-GP system portal and from e-GP help desk (helpdesk@eprocure.gov.bd).
(Md. Kamrul Islam)
Upazila Engineer
Sadar, Manikganj.
Phone No: 0651-7710281
E-mail: ue.manikganj-s@lged.gov.bd
Pc-662/25 (4"x4)
